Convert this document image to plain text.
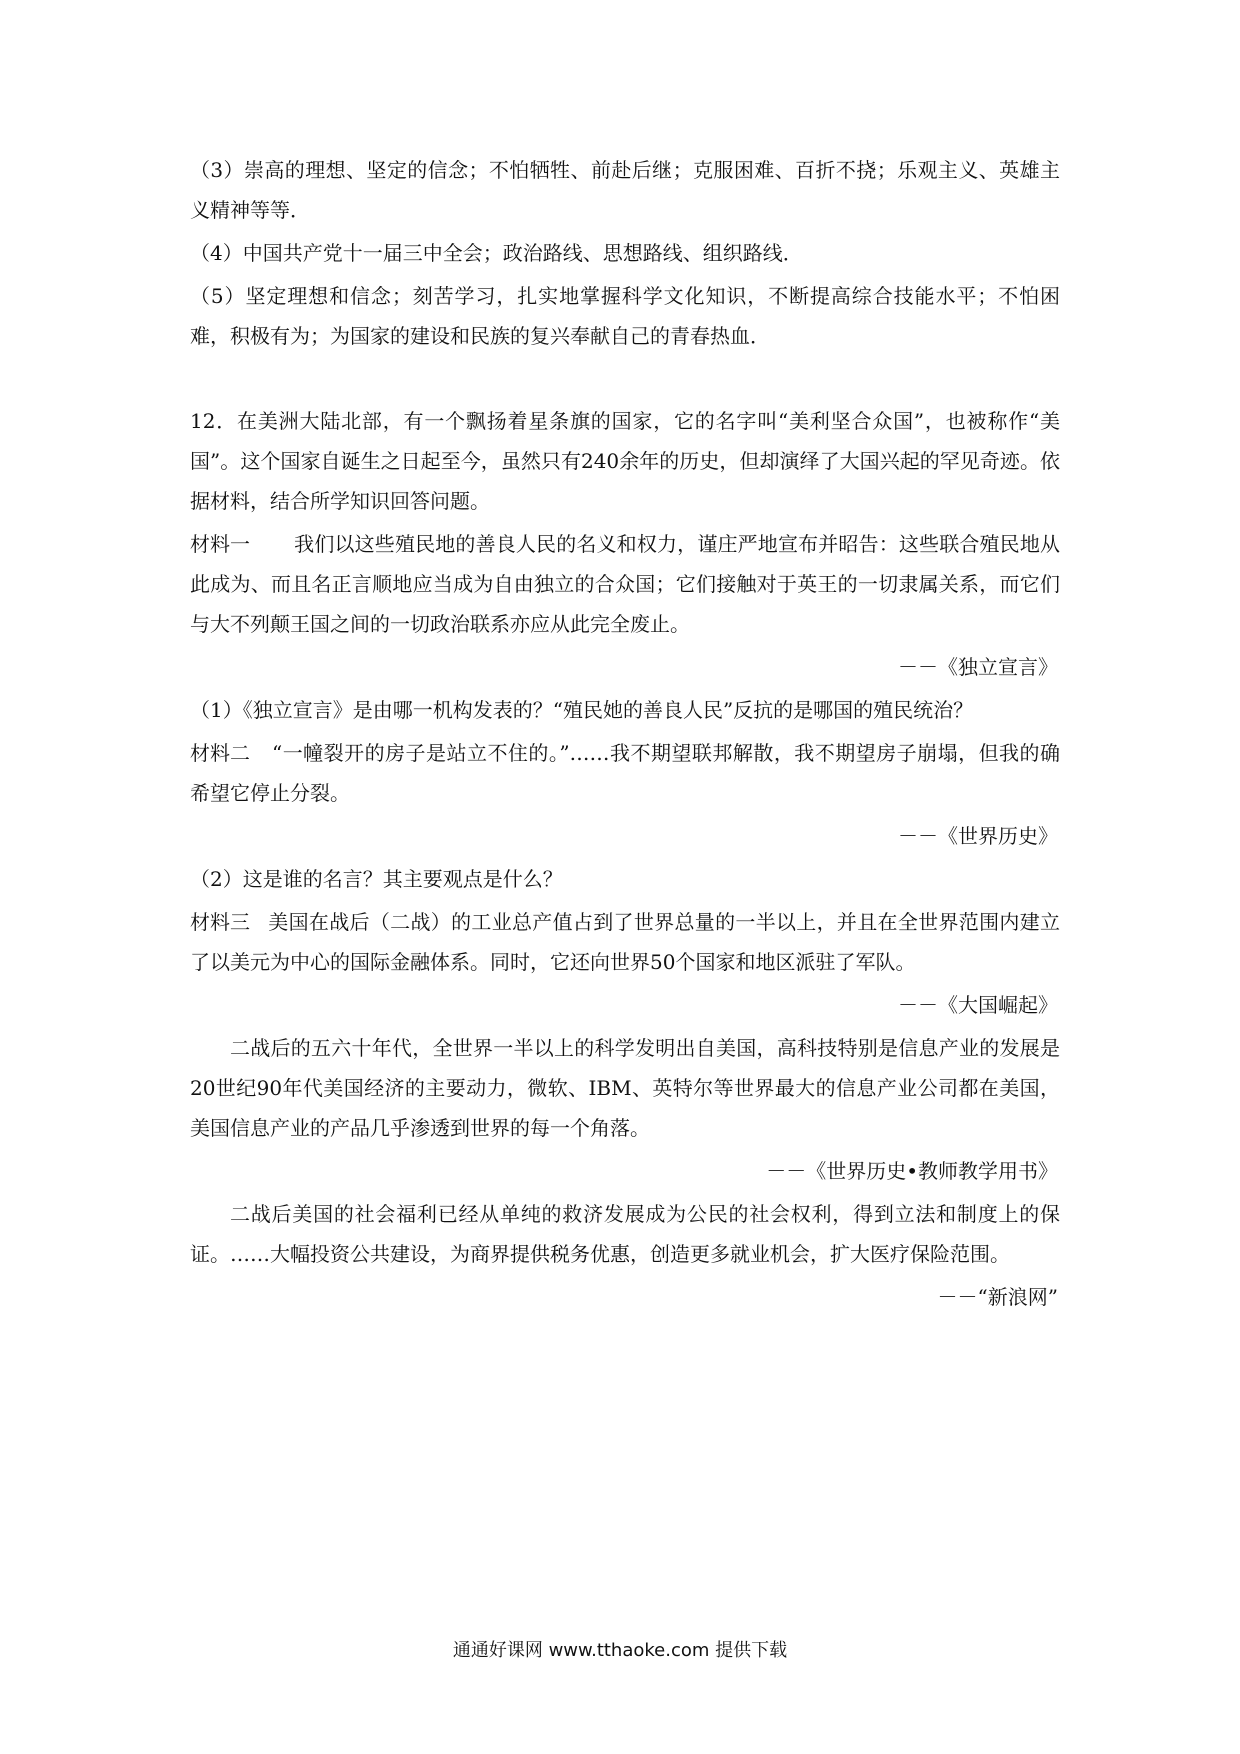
（3）崇高的理想、坚定的信念；不怕牺牲、前赴后继；克服困难、百折不挠；乐观主义、英雄主义精神等等．

（4）中国共产党十一届三中全会；政治路线、思想路线、组织路线．

（5）坚定理想和信念；刻苦学习，扎实地掌握科学文化知识，不断提高综合技能水平；不怕困难，积极有为；为国家的建设和民族的复兴奉献自己的青春热血．

12．在美洲大陆北部，有一个飘扬着星条旗的国家，它的名字叫“美利坚合众国”，也被称作“美国”。这个国家自诞生之日起至今，虽然只有240余年的历史，但却演绎了大国兴起的罕见奇迹。依据材料，结合所学知识回答问题。

材料一 我们以这些殖民地的善良人民的名义和权力，谨庄严地宣布并昭告：这些联合殖民地从此成为、而且名正言顺地应当成为自由独立的合众国；它们接触对于英王的一切隶属关系，而它们与大不列颠王国之间的一切政治联系亦应从此完全废止。

－－《独立宣言》

（1）《独立宣言》是由哪一机构发表的？“殖民她的善良人民”反抗的是哪国的殖民统治？

材料二 “一幢裂开的房子是站立不住的。”……我不期望联邦解散，我不期望房子崩塌，但我的确希望它停止分裂。

－－《世界历史》

（2）这是谁的名言？其主要观点是什么？

材料三 美国在战后（二战）的工业总产值占到了世界总量的一半以上，并且在全世界范围内建立了以美元为中心的国际金融体系。同时，它还向世界50个国家和地区派驻了军队。

－－《大国崛起》

二战后的五六十年代，全世界一半以上的科学发明出自美国，高科技特别是信息产业的发展是20世纪90年代美国经济的主要动力，微软、IBM、英特尔等世界最大的信息产业公司都在美国，美国信息产业的产品几乎渗透到世界的每一个角落。

－－《世界历史•教师教学用书》

二战后美国的社会福利已经从单纯的救济发展成为公民的社会权利，得到立法和制度上的保证。……大幅投资公共建设，为商界提供税务优惠，创造更多就业机会，扩大医疗保险范围。

－－“新浪网”

通通好课网 www.tthaoke.com 提供下载
